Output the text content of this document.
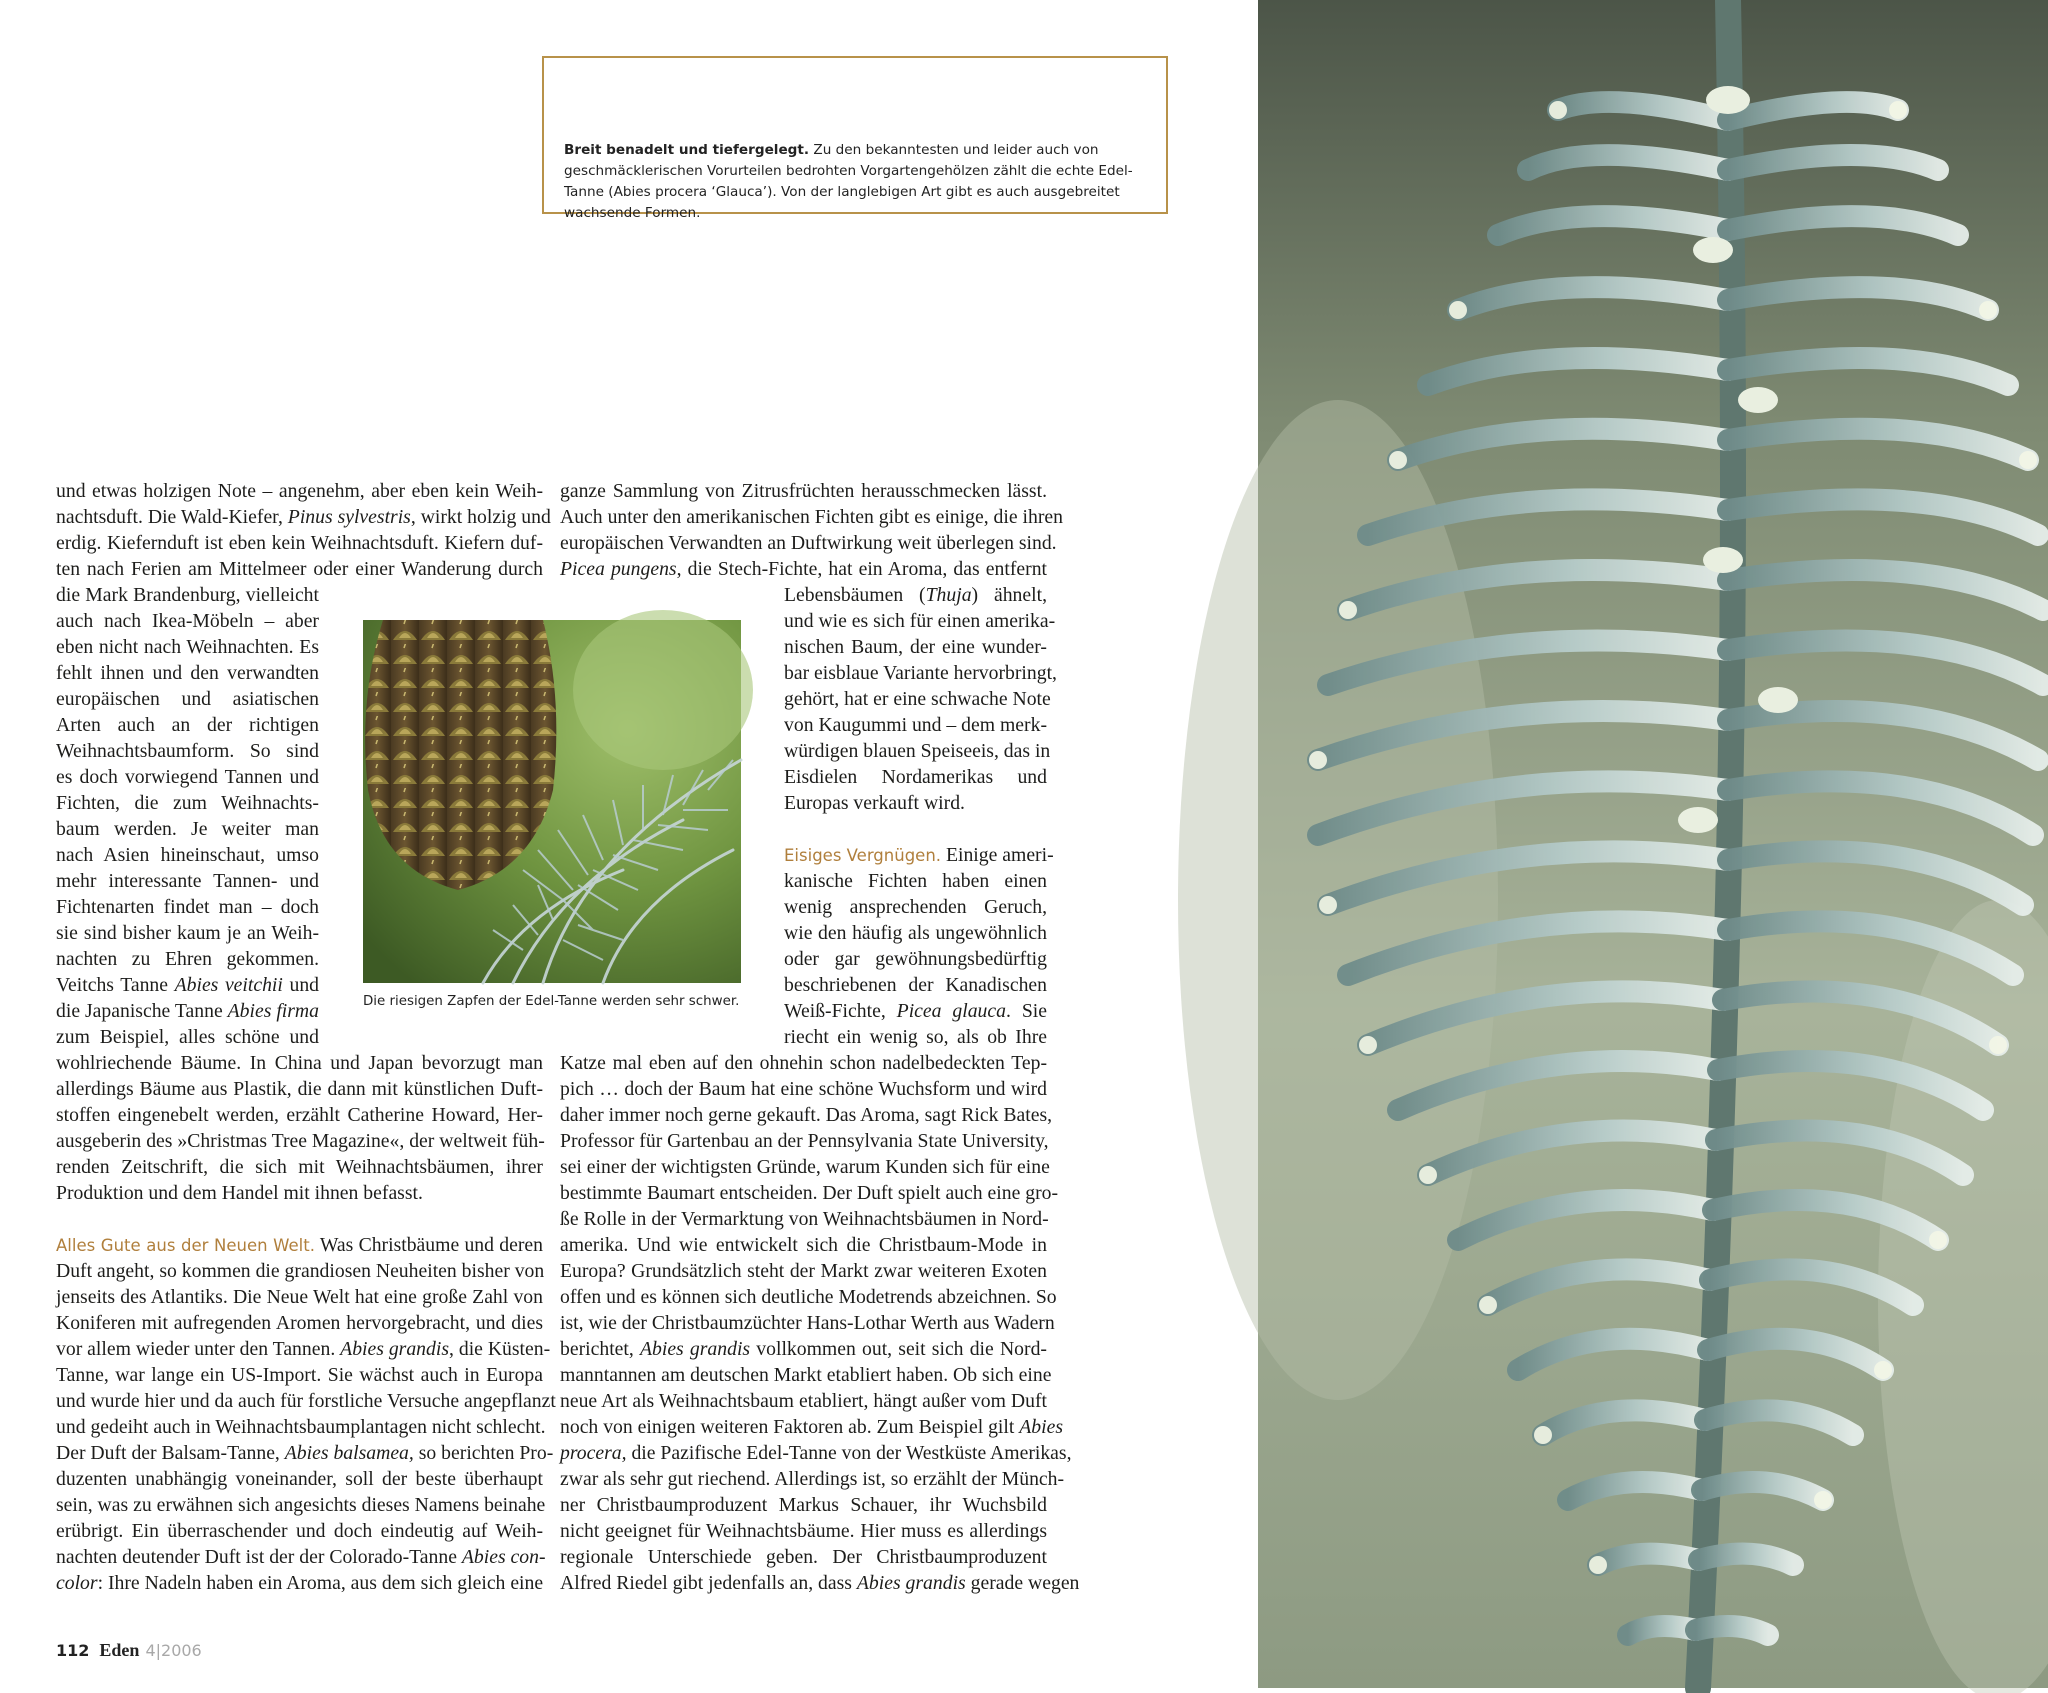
Breit benadelt und tiefergelegt. Zu den bekanntesten und leider auch von geschmäcklerischen Vorurteilen bedrohten Vorgartengehölzen zählt die echte Edel-Tanne (Abies procera ‘Glauca’). Von der langlebigen Art gibt es auch ausgebreitet wachsende Formen.

und etwas holzigen Note – angenehm, aber eben kein Weih-
nachtsduft. Die Wald-Kiefer, Pinus sylvestris, wirkt holzig und
erdig. Kiefernduft ist eben kein Weihnachtsduft. Kiefern duf-
ten nach Ferien am Mittelmeer oder einer Wanderung durch
die Mark Brandenburg, vielleicht
auch nach Ikea-Möbeln – aber
eben nicht nach Weihnachten. Es
fehlt ihnen und den verwandten
europäischen und asiatischen
Arten auch an der richtigen
Weihnachtsbaumform. So sind
es doch vorwiegend Tannen und
Fichten, die zum Weihnachts-
baum werden. Je weiter man
nach Asien hineinschaut, umso
mehr interessante Tannen- und
Fichtenarten findet man – doch
sie sind bisher kaum je an Weih-
nachten zu Ehren gekommen.
Veitchs Tanne Abies veitchii und
die Japanische Tanne Abies firma
zum Beispiel, alles schöne und
wohlriechende Bäume. In China und Japan bevorzugt man
allerdings Bäume aus Plastik, die dann mit künstlichen Duft-
stoffen eingenebelt werden, erzählt Catherine Howard, Her-
ausgeberin des »Christmas Tree Magazine«, der weltweit füh-
renden Zeitschrift, die sich mit Weihnachtsbäumen, ihrer
Produktion und dem Handel mit ihnen befasst.
Alles Gute aus der Neuen Welt. Was Christbäume und deren
Duft angeht, so kommen die grandiosen Neuheiten bisher von
jenseits des Atlantiks. Die Neue Welt hat eine große Zahl von
Koniferen mit aufregenden Aromen hervorgebracht, und dies
vor allem wieder unter den Tannen. Abies grandis, die Küsten-
Tanne, war lange ein US-Import. Sie wächst auch in Europa
und wurde hier und da auch für forstliche Versuche angepflanzt
und gedeiht auch in Weihnachtsbaumplantagen nicht schlecht.
Der Duft der Balsam-Tanne, Abies balsamea, so berichten Pro-
duzenten unabhängig voneinander, soll der beste überhaupt
sein, was zu erwähnen sich angesichts dieses Namens beinahe
erübrigt. Ein überraschender und doch eindeutig auf Weih-
nachten deutender Duft ist der der Colorado-Tanne Abies con-
color: Ihre Nadeln haben ein Aroma, aus dem sich gleich eine
ganze Sammlung von Zitrusfrüchten herausschmecken lässt.
Auch unter den amerikanischen Fichten gibt es einige, die ihren
europäischen Verwandten an Duftwirkung weit überlegen sind.
Picea pungens, die Stech-Fichte, hat ein Aroma, das entfernt
Lebensbäumen (Thuja) ähnelt,
und wie es sich für einen amerika-
nischen Baum, der eine wunder-
bar eisblaue Variante hervorbringt,
gehört, hat er eine schwache Note
von Kaugummi und – dem merk-
würdigen blauen Speiseeis, das in
Eisdielen Nordamerikas und
Europas verkauft wird.
Eisiges Vergnügen. Einige ameri-
kanische Fichten haben einen
wenig ansprechenden Geruch,
wie den häufig als ungewöhnlich
oder gar gewöhnungsbedürftig
beschriebenen der Kanadischen
Weiß-Fichte, Picea glauca. Sie
riecht ein wenig so, als ob Ihre
Katze mal eben auf den ohnehin schon nadelbedeckten Tep-
pich … doch der Baum hat eine schöne Wuchsform und wird
daher immer noch gerne gekauft. Das Aroma, sagt Rick Bates,
Professor für Gartenbau an der Pennsylvania State University,
sei einer der wichtigsten Gründe, warum Kunden sich für eine
bestimmte Baumart entscheiden. Der Duft spielt auch eine gro-
ße Rolle in der Vermarktung von Weihnachtsbäumen in Nord-
amerika. Und wie entwickelt sich die Christbaum-Mode in
Europa? Grundsätzlich steht der Markt zwar weiteren Exoten
offen und es können sich deutliche Modetrends abzeichnen. So
ist, wie der Christbaumzüchter Hans-Lothar Werth aus Wadern
berichtet, Abies grandis vollkommen out, seit sich die Nord-
manntannen am deutschen Markt etabliert haben. Ob sich eine
neue Art als Weihnachtsbaum etabliert, hängt außer vom Duft
noch von einigen weiteren Faktoren ab. Zum Beispiel gilt Abies
procera, die Pazifische Edel-Tanne von der Westküste Amerikas,
zwar als sehr gut riechend. Allerdings ist, so erzählt der Münch-
ner Christbaumproduzent Markus Schauer, ihr Wuchsbild
nicht geeignet für Weihnachtsbäume. Hier muss es allerdings
regionale Unterschiede geben. Der Christbaumproduzent
Alfred Riedel gibt jedenfalls an, dass Abies grandis gerade wegen
Die riesigen Zapfen der Edel-Tanne werden sehr schwer.
112 Eden 4|2006
